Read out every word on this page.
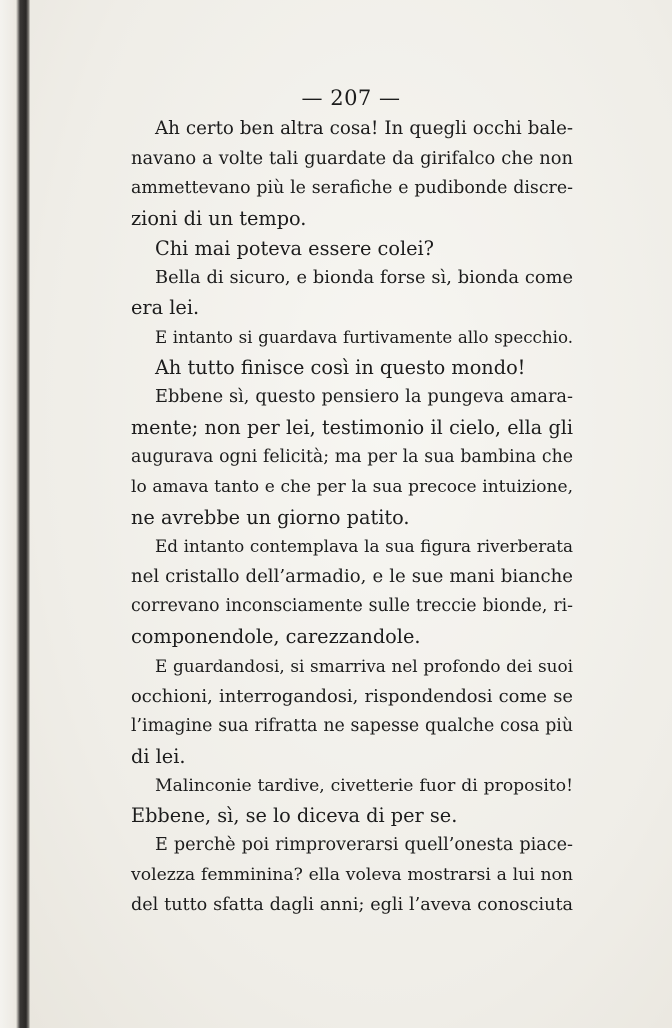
— 207 —
Ah certo ben altra cosa! In quegli occhi bale-
navano a volte tali guardate da girifalco che non
ammettevano più le serafiche e pudibonde discre-
zioni di un tempo.
Chi mai poteva essere colei?
Bella di sicuro, e bionda forse sì, bionda come
era lei.
E intanto si guardava furtivamente allo specchio.
Ah tutto finisce così in questo mondo!
Ebbene sì, questo pensiero la pungeva amara-
mente; non per lei, testimonio il cielo, ella gli
augurava ogni felicità; ma per la sua bambina che
lo amava tanto e che per la sua precoce intuizione,
ne avrebbe un giorno patito.
Ed intanto contemplava la sua figura riverberata
nel cristallo dell’armadio, e le sue mani bianche
correvano inconsciamente sulle treccie bionde, ri-
componendole, carezzandole.
E guardandosi, si smarriva nel profondo dei suoi
occhioni, interrogandosi, rispondendosi come se
l’imagine sua rifratta ne sapesse qualche cosa più
di lei.
Malinconie tardive, civetterie fuor di proposito!
Ebbene, sì, se lo diceva di per se.
E perchè poi rimproverarsi quell’onesta piace-
volezza femminina? ella voleva mostrarsi a lui non
del tutto sfatta dagli anni; egli l’aveva conosciuta
